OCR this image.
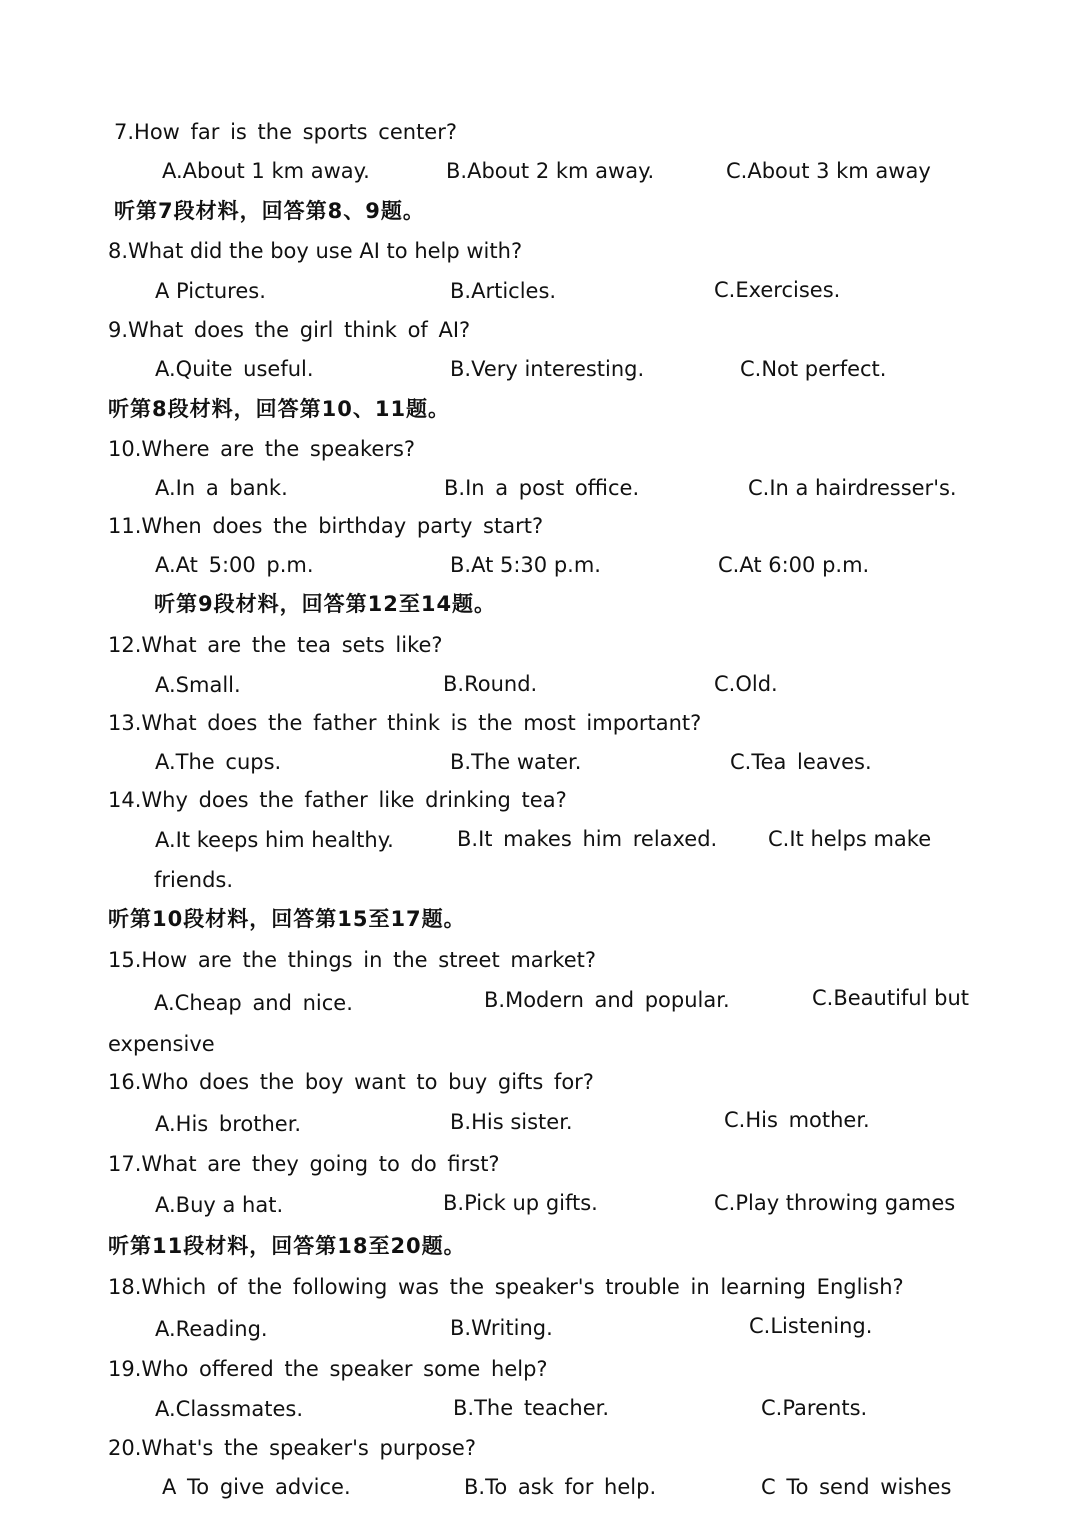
7.How far is the sports center?
A.About 1 km away.	B.About 2 km away.	C.About 3 km away
听第7段材料，回答第8、9题。
8.What did the boy use AI to help with?
A Pictures.	B.Articles.	C.Exercises.
9.What does the girl think of AI?
A.Quite useful.	B.Very interesting.	C.Not perfect.
听第8段材料，回答第10、11题。
10.Where are the speakers?
A.In a bank.	B.In a post office.	C.In a hairdresser's.
11.When does the birthday party start?
A.At 5:00 p.m.	B.At 5:30 p.m.	C.At 6:00 p.m.
听第9段材料，回答第12至14题。
12.What are the tea sets like?
A.Small.	B.Round.	C.Old.
13.What does the father think is the most important?
A.The cups.	B.The water.	C.Tea leaves.
14.Why does the father like drinking tea?
A.It keeps him healthy.	B.It makes him relaxed. C.It helps make
friends.
听第10段材料，回答第15至17题。
15.How are the things in the street market?
A.Cheap and nice.	B.Modern and popular.	C.Beautiful but
expensive
16.Who does the boy want to buy gifts for?
A.His brother.	B.His sister.	C.His mother.
17.What are they going to do first?
A.Buy a hat.	B.Pick up gifts.	C.Play throwing games
听第11段材料，回答第18至20题。
18.Which of the following was the speaker's trouble in learning English?
A.Reading.	B.Writing.	C.Listening.
19.Who offered the speaker some help?
A.Classmates.	B.The teacher.	C.Parents.
20.What's the speaker's purpose?
A To give advice.	B.To ask for help.	C To send wishes
